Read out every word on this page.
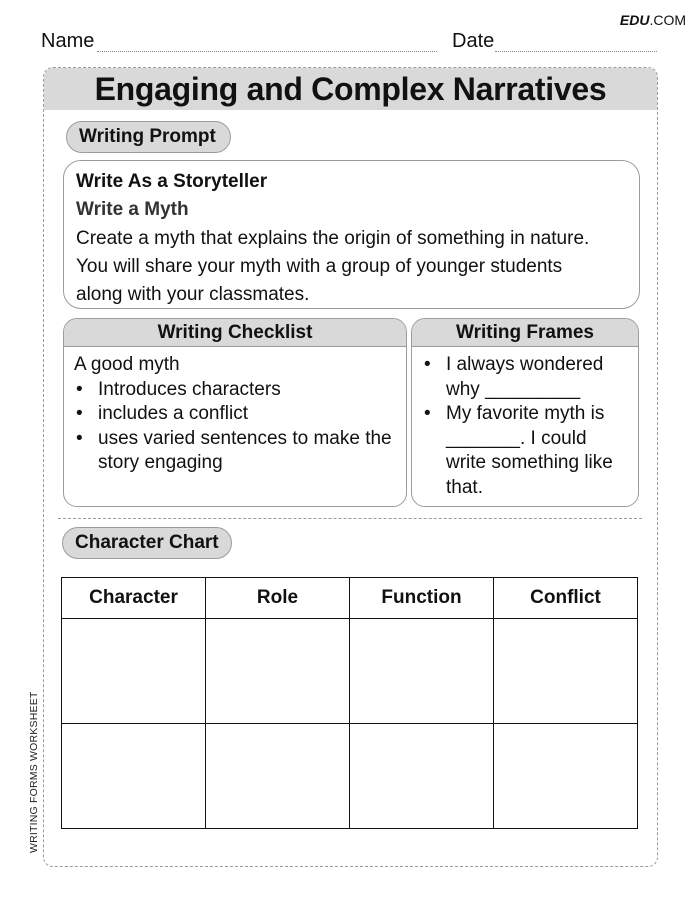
EDU.COM
Name	Date
Engaging and Complex Narratives
Writing Prompt
Write As a Storyteller
Write a Myth
Create a myth that explains the origin of something in nature.
You will share your myth with a group of younger students
along with your classmates.
Writing Checklist
A good myth
• Introduces characters
• includes a conflict
• uses varied sentences to make the story engaging
Writing Frames
• I always wondered why _________
• My favorite myth is _______. I could write something like that.
Character Chart
Character	Role	Function	Conflict

WRITING FORMS WORKSHEET
